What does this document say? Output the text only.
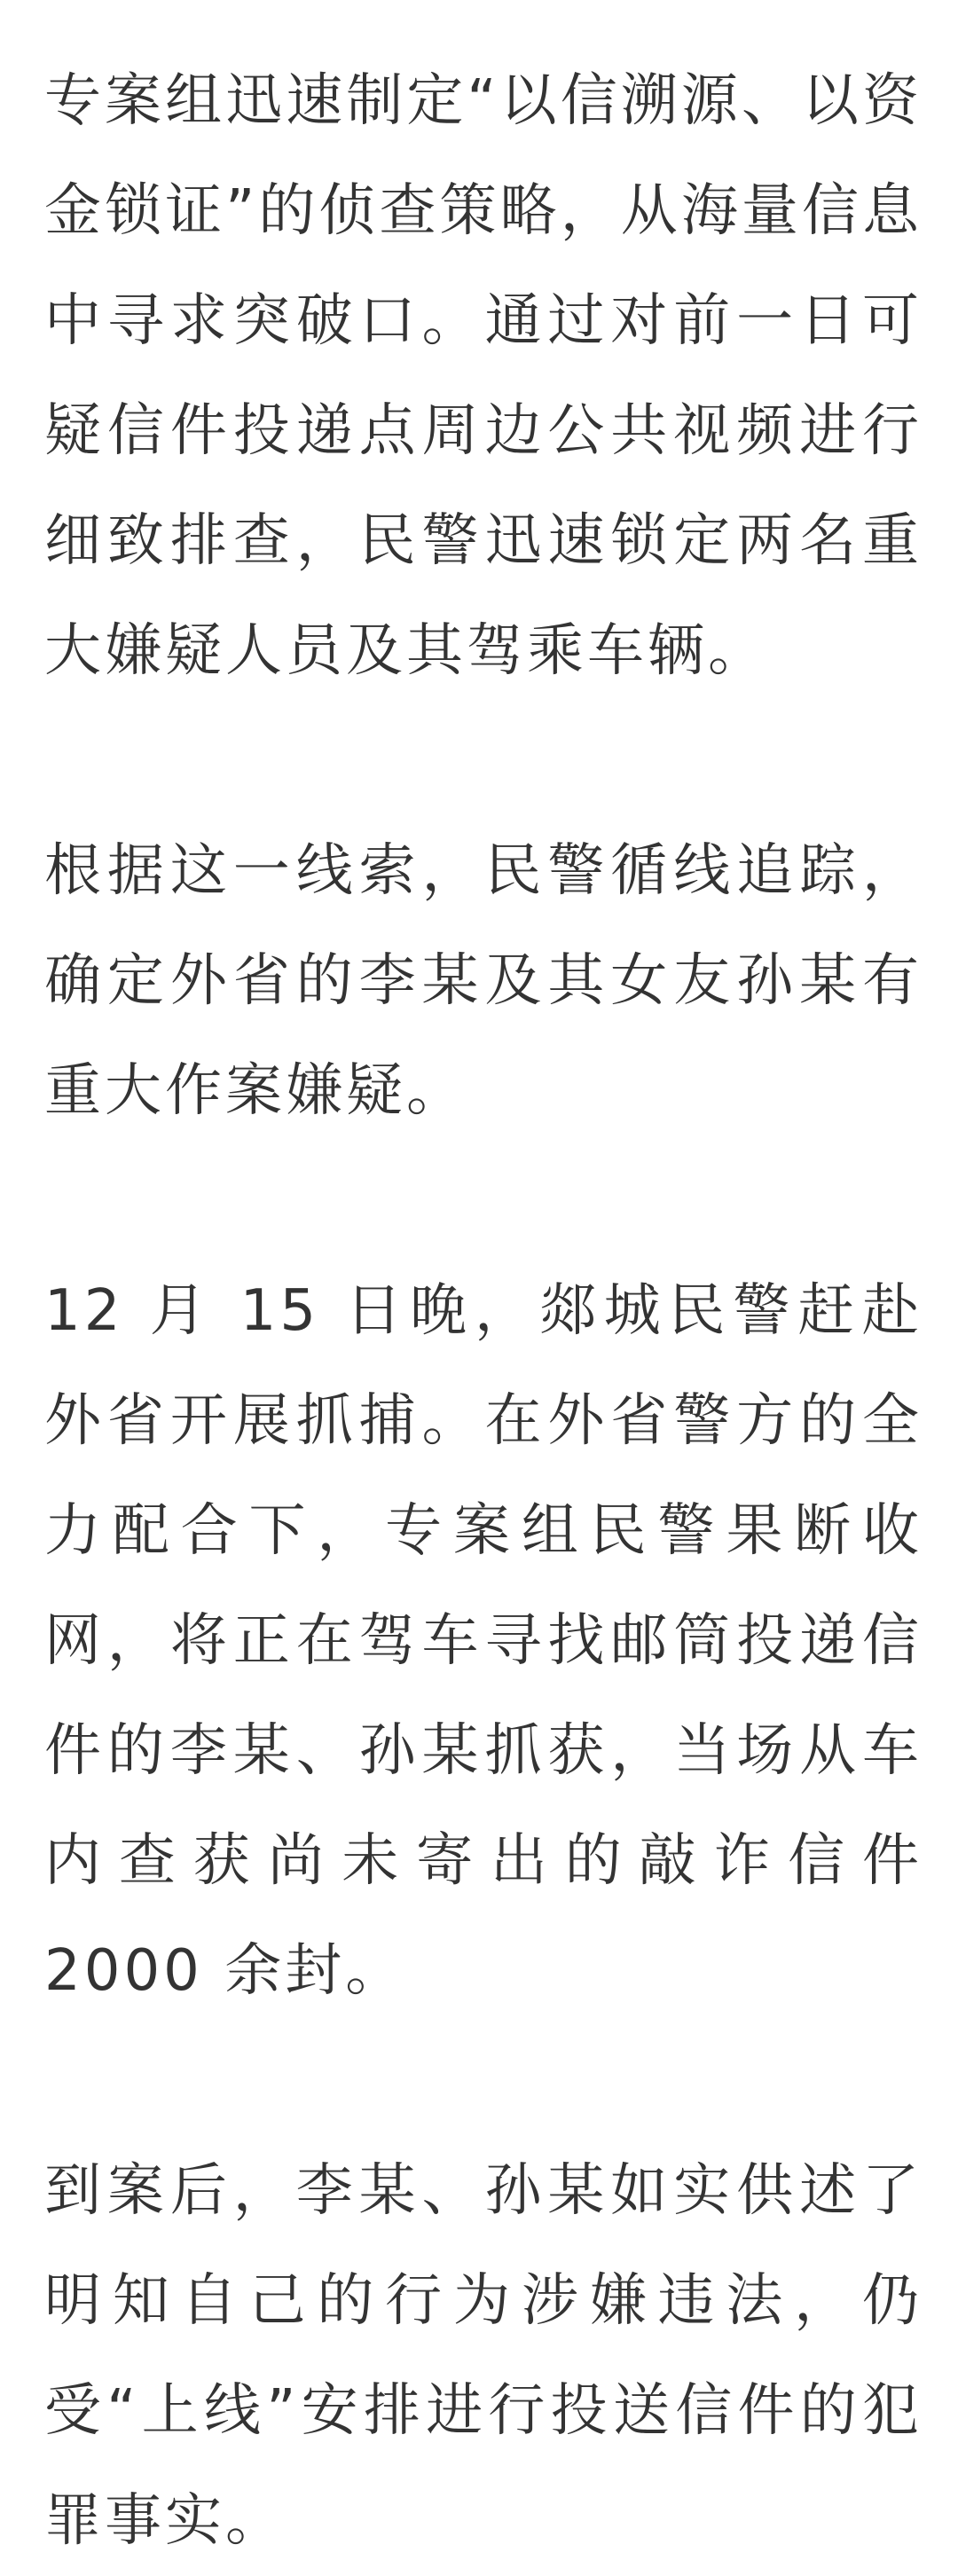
专案组迅速制定“以信溯源、以资金锁证”的侦查策略，从海量信息中寻求突破口。通过对前一日可疑信件投递点周边公共视频进行细致排查，民警迅速锁定两名重大嫌疑人员及其驾乘车辆。

根据这一线索，民警循线追踪，确定外省的李某及其女友孙某有重大作案嫌疑。

12 月 15 日晚，郯城民警赶赴外省开展抓捕。在外省警方的全力配合下，专案组民警果断收网，将正在驾车寻找邮筒投递信件的李某、孙某抓获，当场从车内查获尚未寄出的敲诈信件 2000 余封。

到案后，李某、孙某如实供述了明知自己的行为涉嫌违法，仍受“上线”安排进行投送信件的犯罪事实。
